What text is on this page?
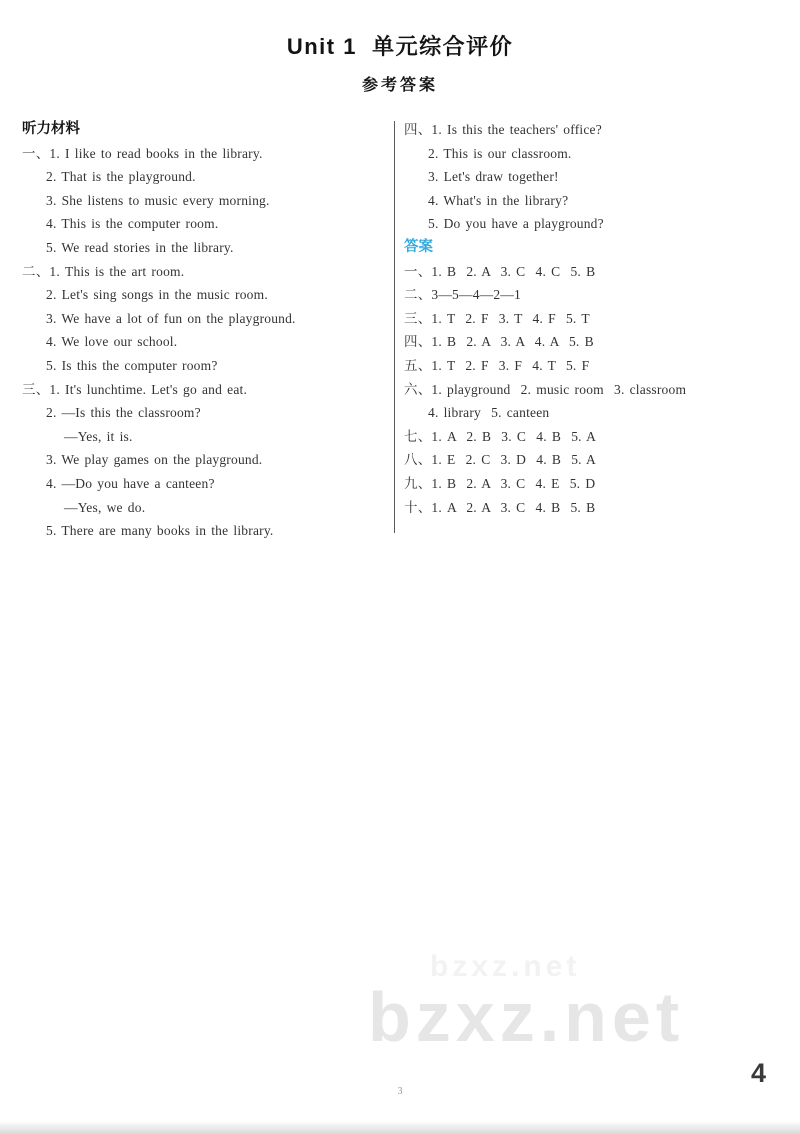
Unit 1  单元综合评价
参考答案
听力材料
一、1. I like to read books in the library.
2. That is the playground.
3. She listens to music every morning.
4. This is the computer room.
5. We read stories in the library.
二、1. This is the art room.
2. Let's sing songs in the music room.
3. We have a lot of fun on the playground.
4. We love our school.
5. Is this the computer room?
三、1. It's lunchtime. Let's go and eat.
2. —Is this the classroom?
—Yes, it is.
3. We play games on the playground.
4. —Do you have a canteen?
—Yes, we do.
5. There are many books in the library.
四、1. Is this the teachers' office?
2. This is our classroom.
3. Let's draw together!
4. What's in the library?
5. Do you have a playground?
答案
一、1. B  2. A  3. C  4. C  5. B
二、3—5—4—2—1
三、1. T  2. F  3. T  4. F  5. T
四、1. B  2. A  3. A  4. A  5. B
五、1. T  2. F  3. F  4. T  5. F
六、1. playground  2. music room  3. classroom
4. library  5. canteen
七、1. A  2. B  3. C  4. B  5. A
八、1. E  2. C  3. D  4. B  5. A
九、1. B  2. A  3. C  4. E  5. D
十、1. A  2. A  3. C  4. B  5. B
bzxz.net
bzxz.net
3
4
